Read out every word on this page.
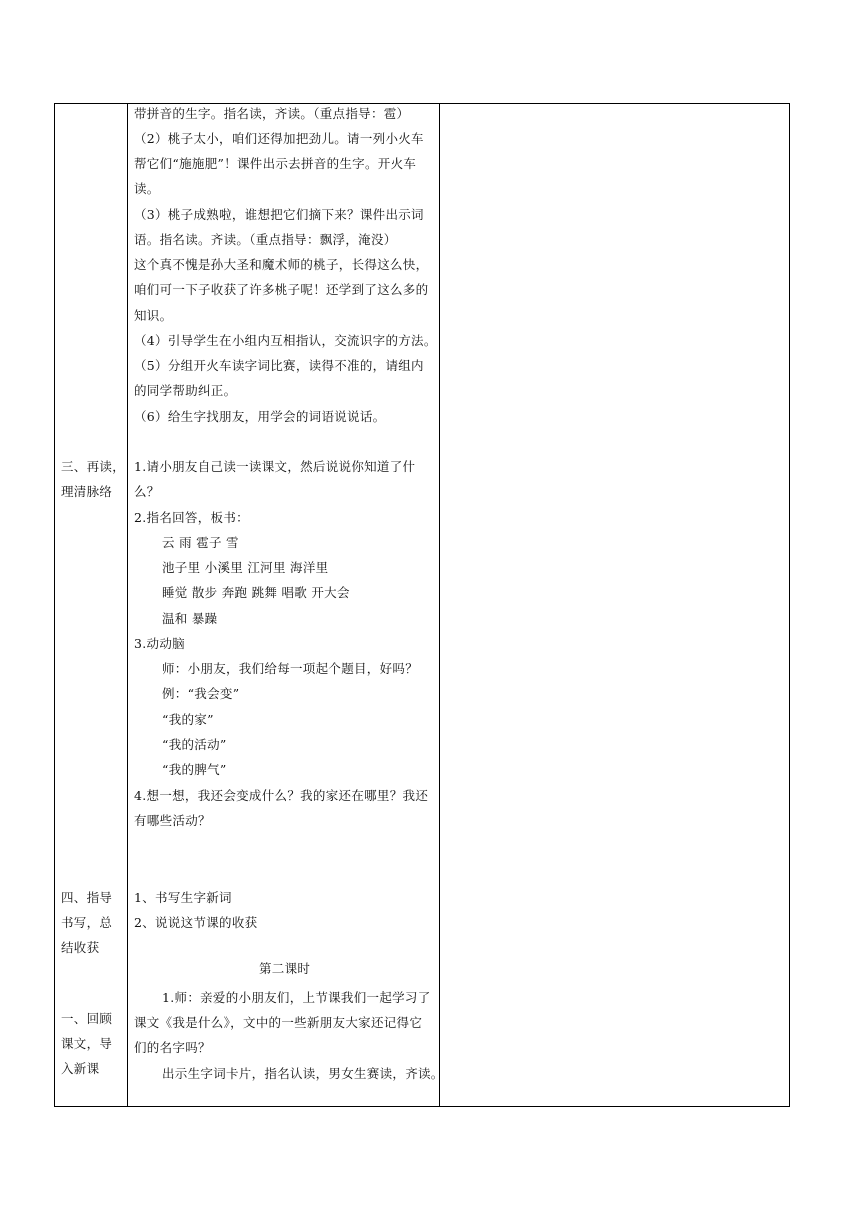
三、再读，
理清脉络
四、指导
书写，总
结收获
一、回顾
课文，导
入新课
带拼音的生字。指名读，齐读。（重点指导：雹）
（2）桃子太小，咱们还得加把劲儿。请一列小火车
帮它们“施施肥”！课件出示去拼音的生字。开火车
读。
（3）桃子成熟啦，谁想把它们摘下来？课件出示词
语。指名读。齐读。（重点指导：飘浮，淹没）
这个真不愧是孙大圣和魔术师的桃子，长得这么快，
咱们可一下子收获了许多桃子呢！还学到了这么多的
知识。
（4）引导学生在小组内互相指认，交流识字的方法。
（5）分组开火车读字词比赛，读得不准的，请组内
的同学帮助纠正。
（6）给生字找朋友，用学会的词语说说话。
1.请小朋友自己读一读课文，然后说说你知道了什
么？
2.指名回答，板书：
云 雨 雹子 雪
池子里 小溪里 江河里 海洋里
睡觉 散步 奔跑 跳舞 唱歌 开大会
温和 暴躁
3.动动脑
师：小朋友，我们给每一项起个题目，好吗？
例：“我会变”
“我的家”
“我的活动”
“我的脾气”
4.想一想，我还会变成什么？我的家还在哪里？我还
有哪些活动？
1、书写生字新词
2、说说这节课的收获
第二课时
1.师：亲爱的小朋友们，上节课我们一起学习了
课文《我是什么》，文中的一些新朋友大家还记得它
们的名字吗？
出示生字词卡片，指名认读，男女生赛读，齐读。
